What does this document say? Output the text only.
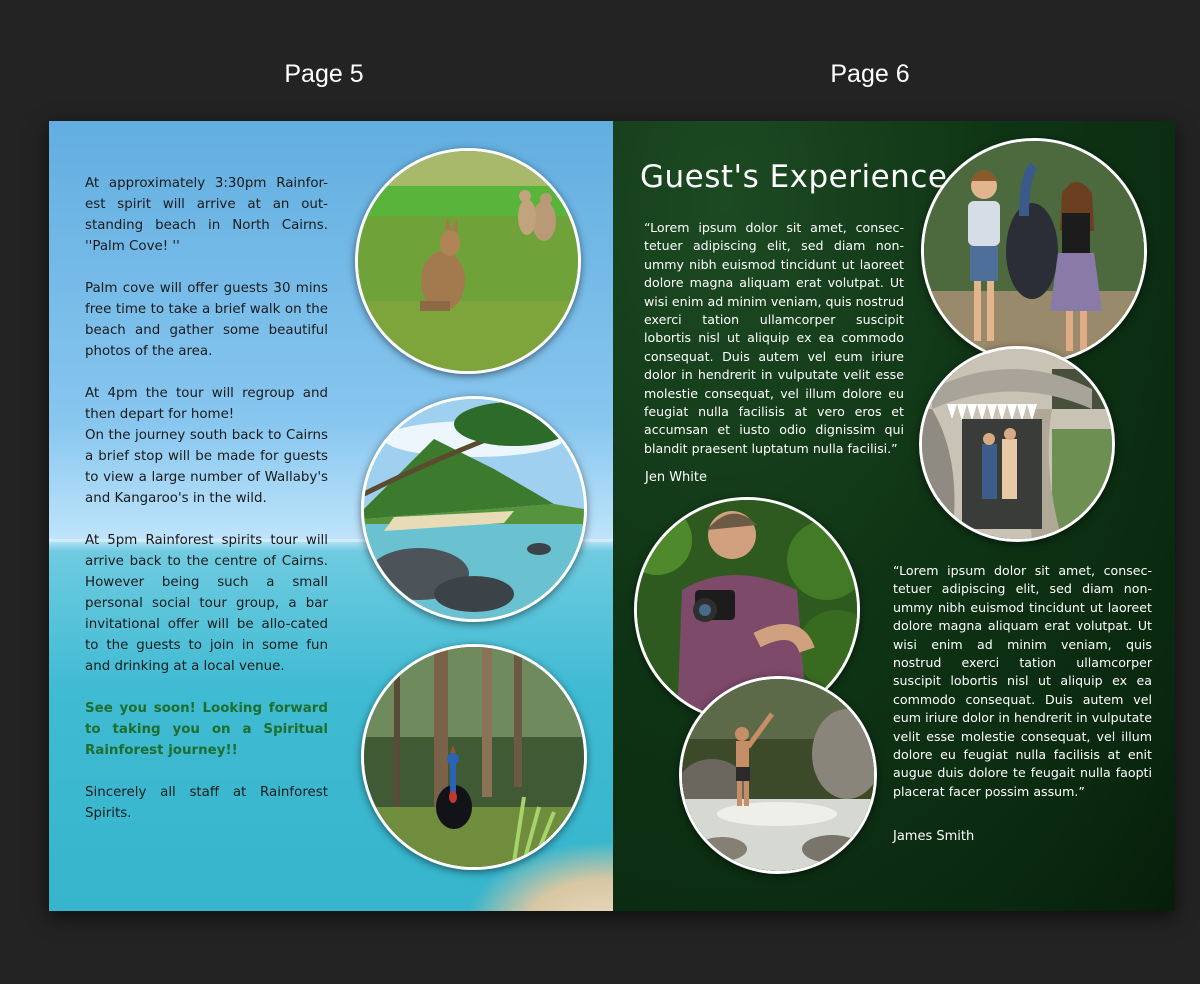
Page 5	Page 6

At approximately 3:30pm Rainfor-est spirit will arrive at an out-standing beach in North Cairns. ''Palm Cove! ''

Palm cove will offer guests 30 mins free time to take a brief walk on the beach and gather some beautiful photos of the area.

At 4pm the tour will regroup and then depart for home!

On the journey south back to Cairns a brief stop will be made for guests to view a large number of Wallaby's and Kangaroo's in the wild.

At 5pm Rainforest spirits tour will arrive back to the centre of Cairns. However being such a small personal social tour group, a bar invitational offer will be allo-cated to the guests to join in some fun and drinking at a local venue.

See you soon! Looking forward to taking you on a Spiritual Rainforest journey!!

Sincerely all staff at Rainforest Spirits.

Guest's Experience

“Lorem ipsum dolor sit amet, consec-tetuer adipiscing elit, sed diam non-ummy nibh euismod tincidunt ut laoreet dolore magna aliquam erat volutpat. Ut wisi enim ad minim veniam, quis nostrud exerci tation ullamcorper suscipit lobortis nisl ut aliquip ex ea commodo consequat. Duis autem vel eum iriure dolor in hendrerit in vulputate velit esse molestie consequat, vel illum dolore eu feugiat nulla facilisis at vero eros et accumsan et iusto odio dignissim qui blandit praesent luptatum nulla facilisi.”

Jen White

“Lorem ipsum dolor sit amet, consec-tetuer adipiscing elit, sed diam non-ummy nibh euismod tincidunt ut laoreet dolore magna aliquam erat volutpat. Ut wisi enim ad minim veniam, quis nostrud exerci tation ullamcorper suscipit lobortis nisl ut aliquip ex ea commodo consequat. Duis autem vel eum iriure dolor in hendrerit in vulputate velit esse molestie consequat, vel illum dolore eu feugiat nulla facilisis at enit augue duis dolore te feugait nulla faopti placerat facer possim assum.”

James Smith
